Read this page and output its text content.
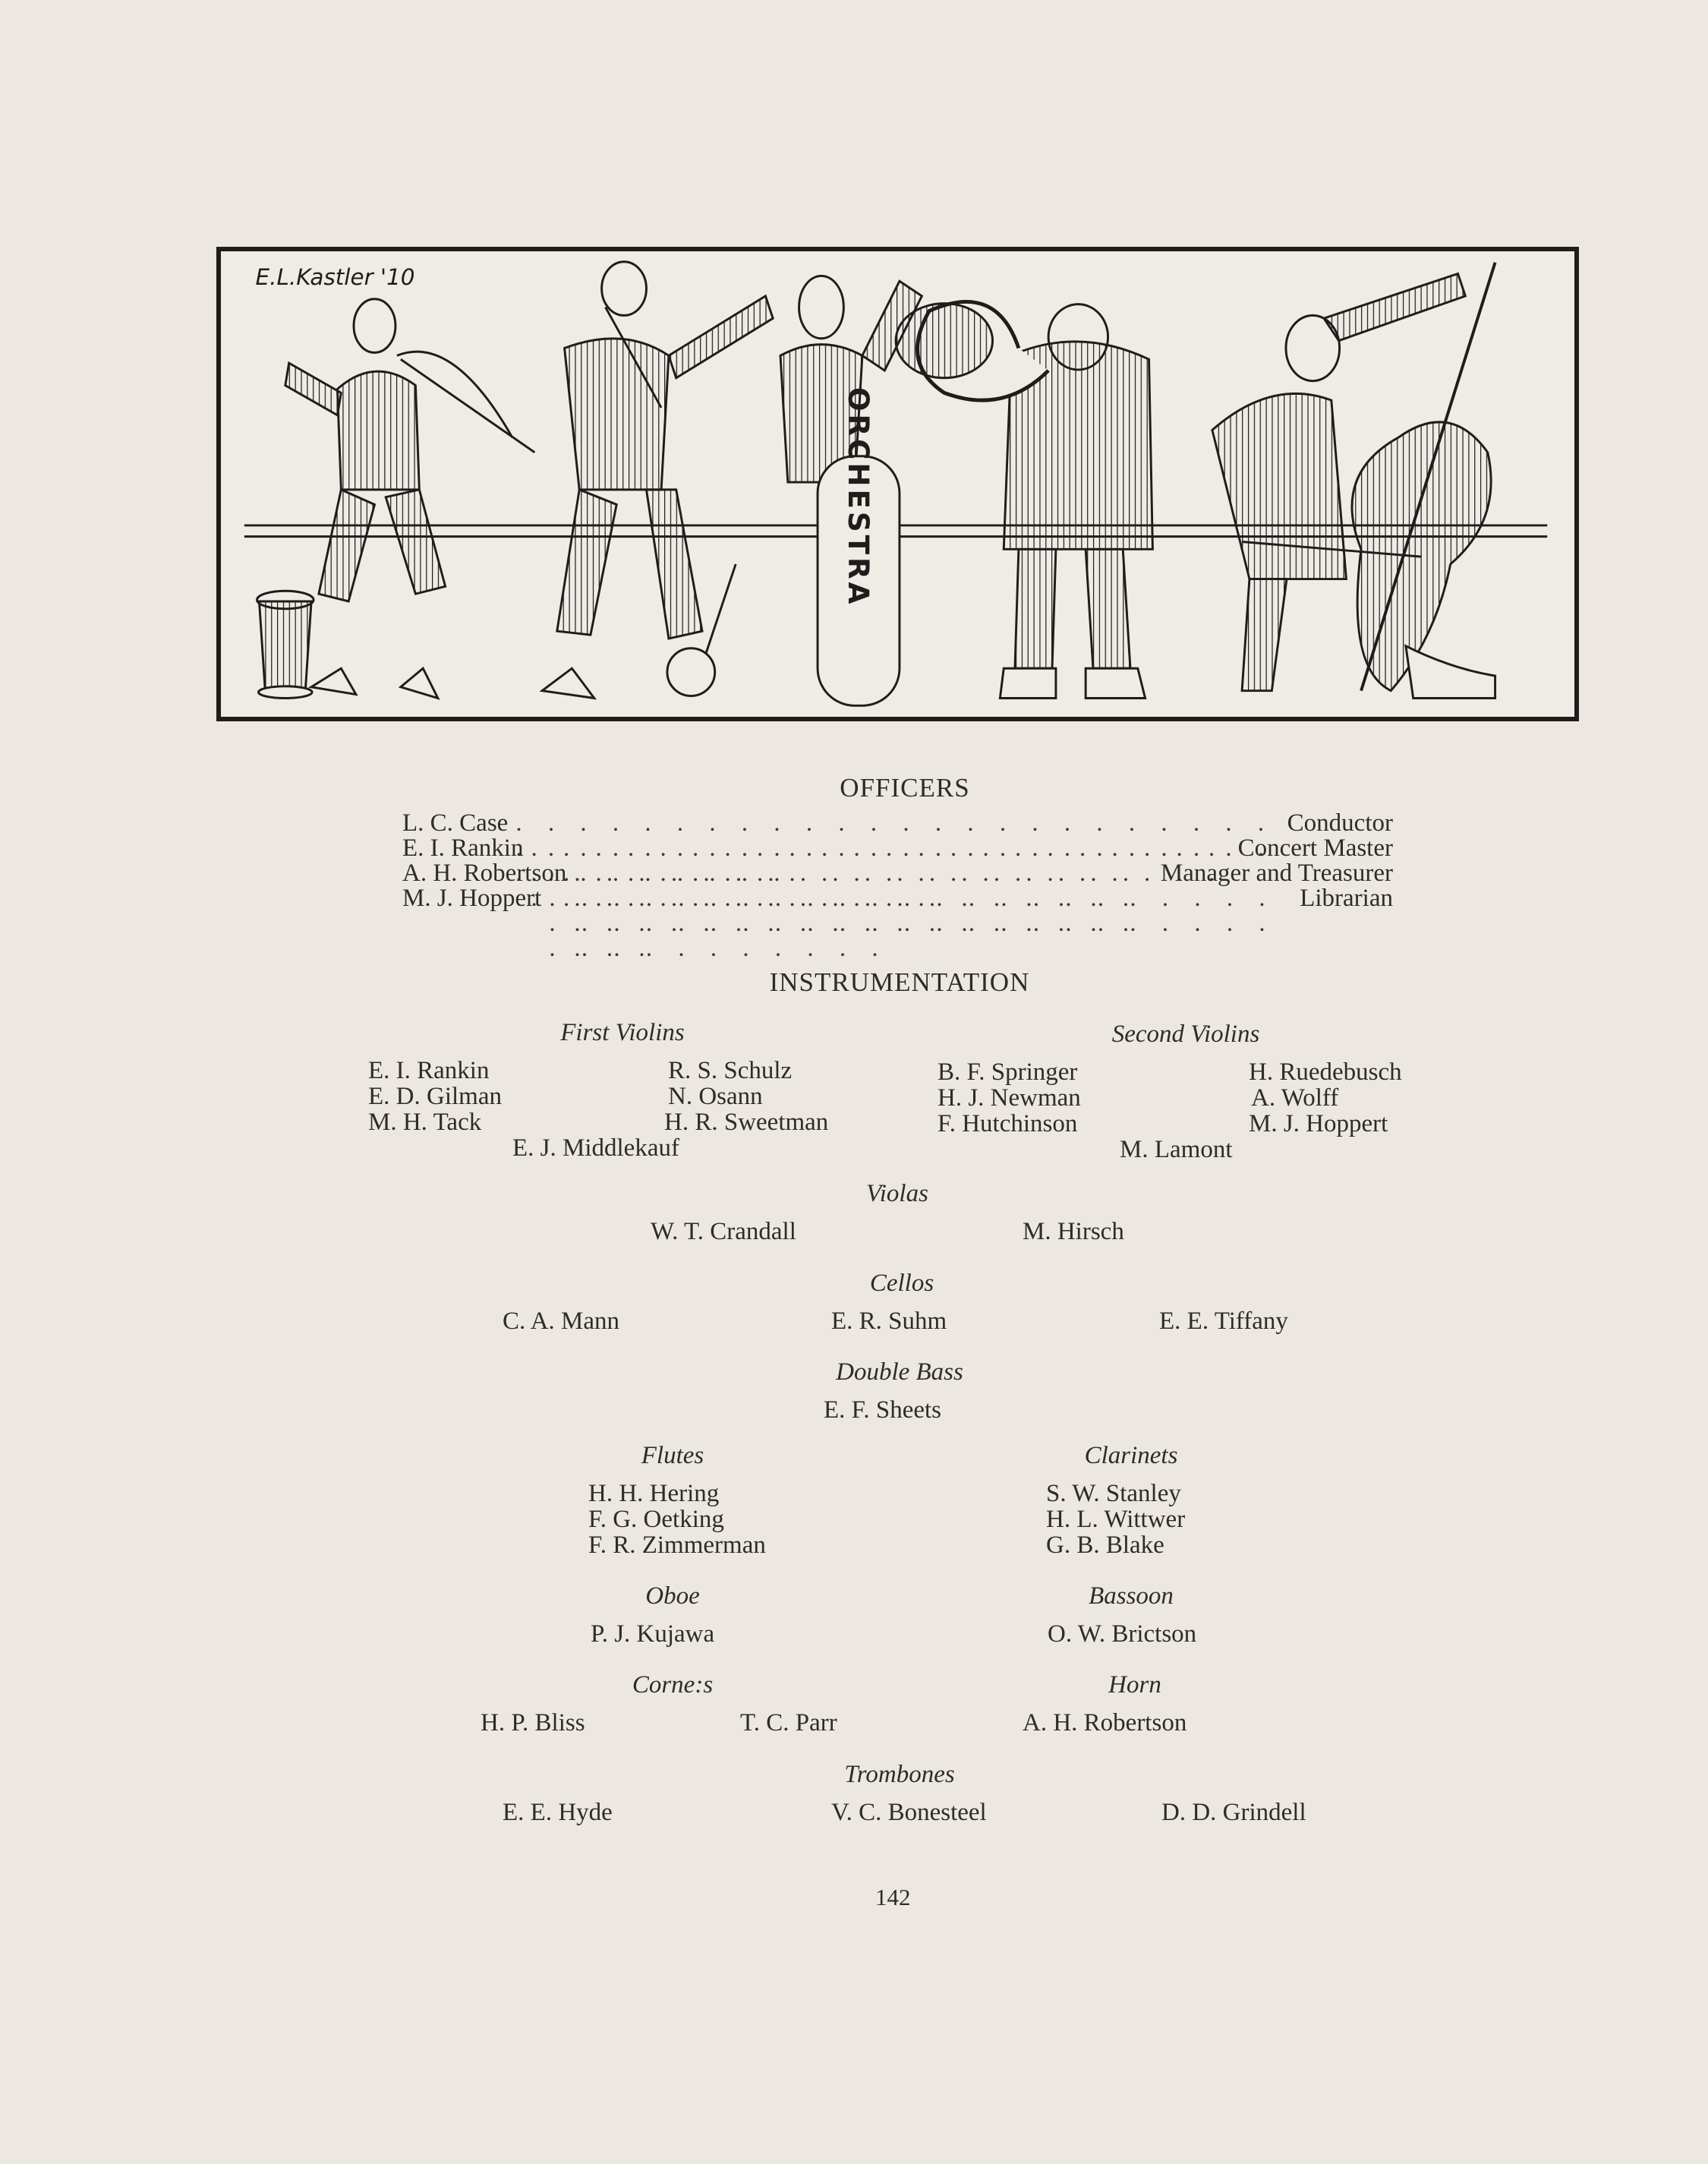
E.L.Kastler '10
ORCHESTRA
OFFICERS
L. C. Case . . .	Conductor
E. I. Rankin . . .	Concert Master
A. H. Robertson . . .	Manager and Treasurer
M. J. Hoppert . . .	Librarian
INSTRUMENTATION
First Violins
E. I. Rankin
E. D. Gilman
M. H. Tack
R. S. Schulz
N. Osann
H. R. Sweetman
E. J. Middlekauf
Second Violins
B. F. Springer
H. J. Newman
F. Hutchinson
H. Ruedebusch
A. Wolff
M. J. Hoppert
M. Lamont
Violas
W. T. Crandall	M. Hirsch
Cellos
C. A. Mann	E. R. Suhm	E. E. Tiffany
Double Bass
E. F. Sheets
Flutes
H. H. Hering
F. G. Oetking
F. R. Zimmerman
Clarinets
S. W. Stanley
H. L. Wittwer
G. B. Blake
Oboe
P. J. Kujawa
Bassoon
O. W. Brictson
Corne:s
H. P. Bliss	T. C. Parr
Horn
A. H. Robertson
Trombones
E. E. Hyde	V. C. Bonesteel	D. D. Grindell
142
